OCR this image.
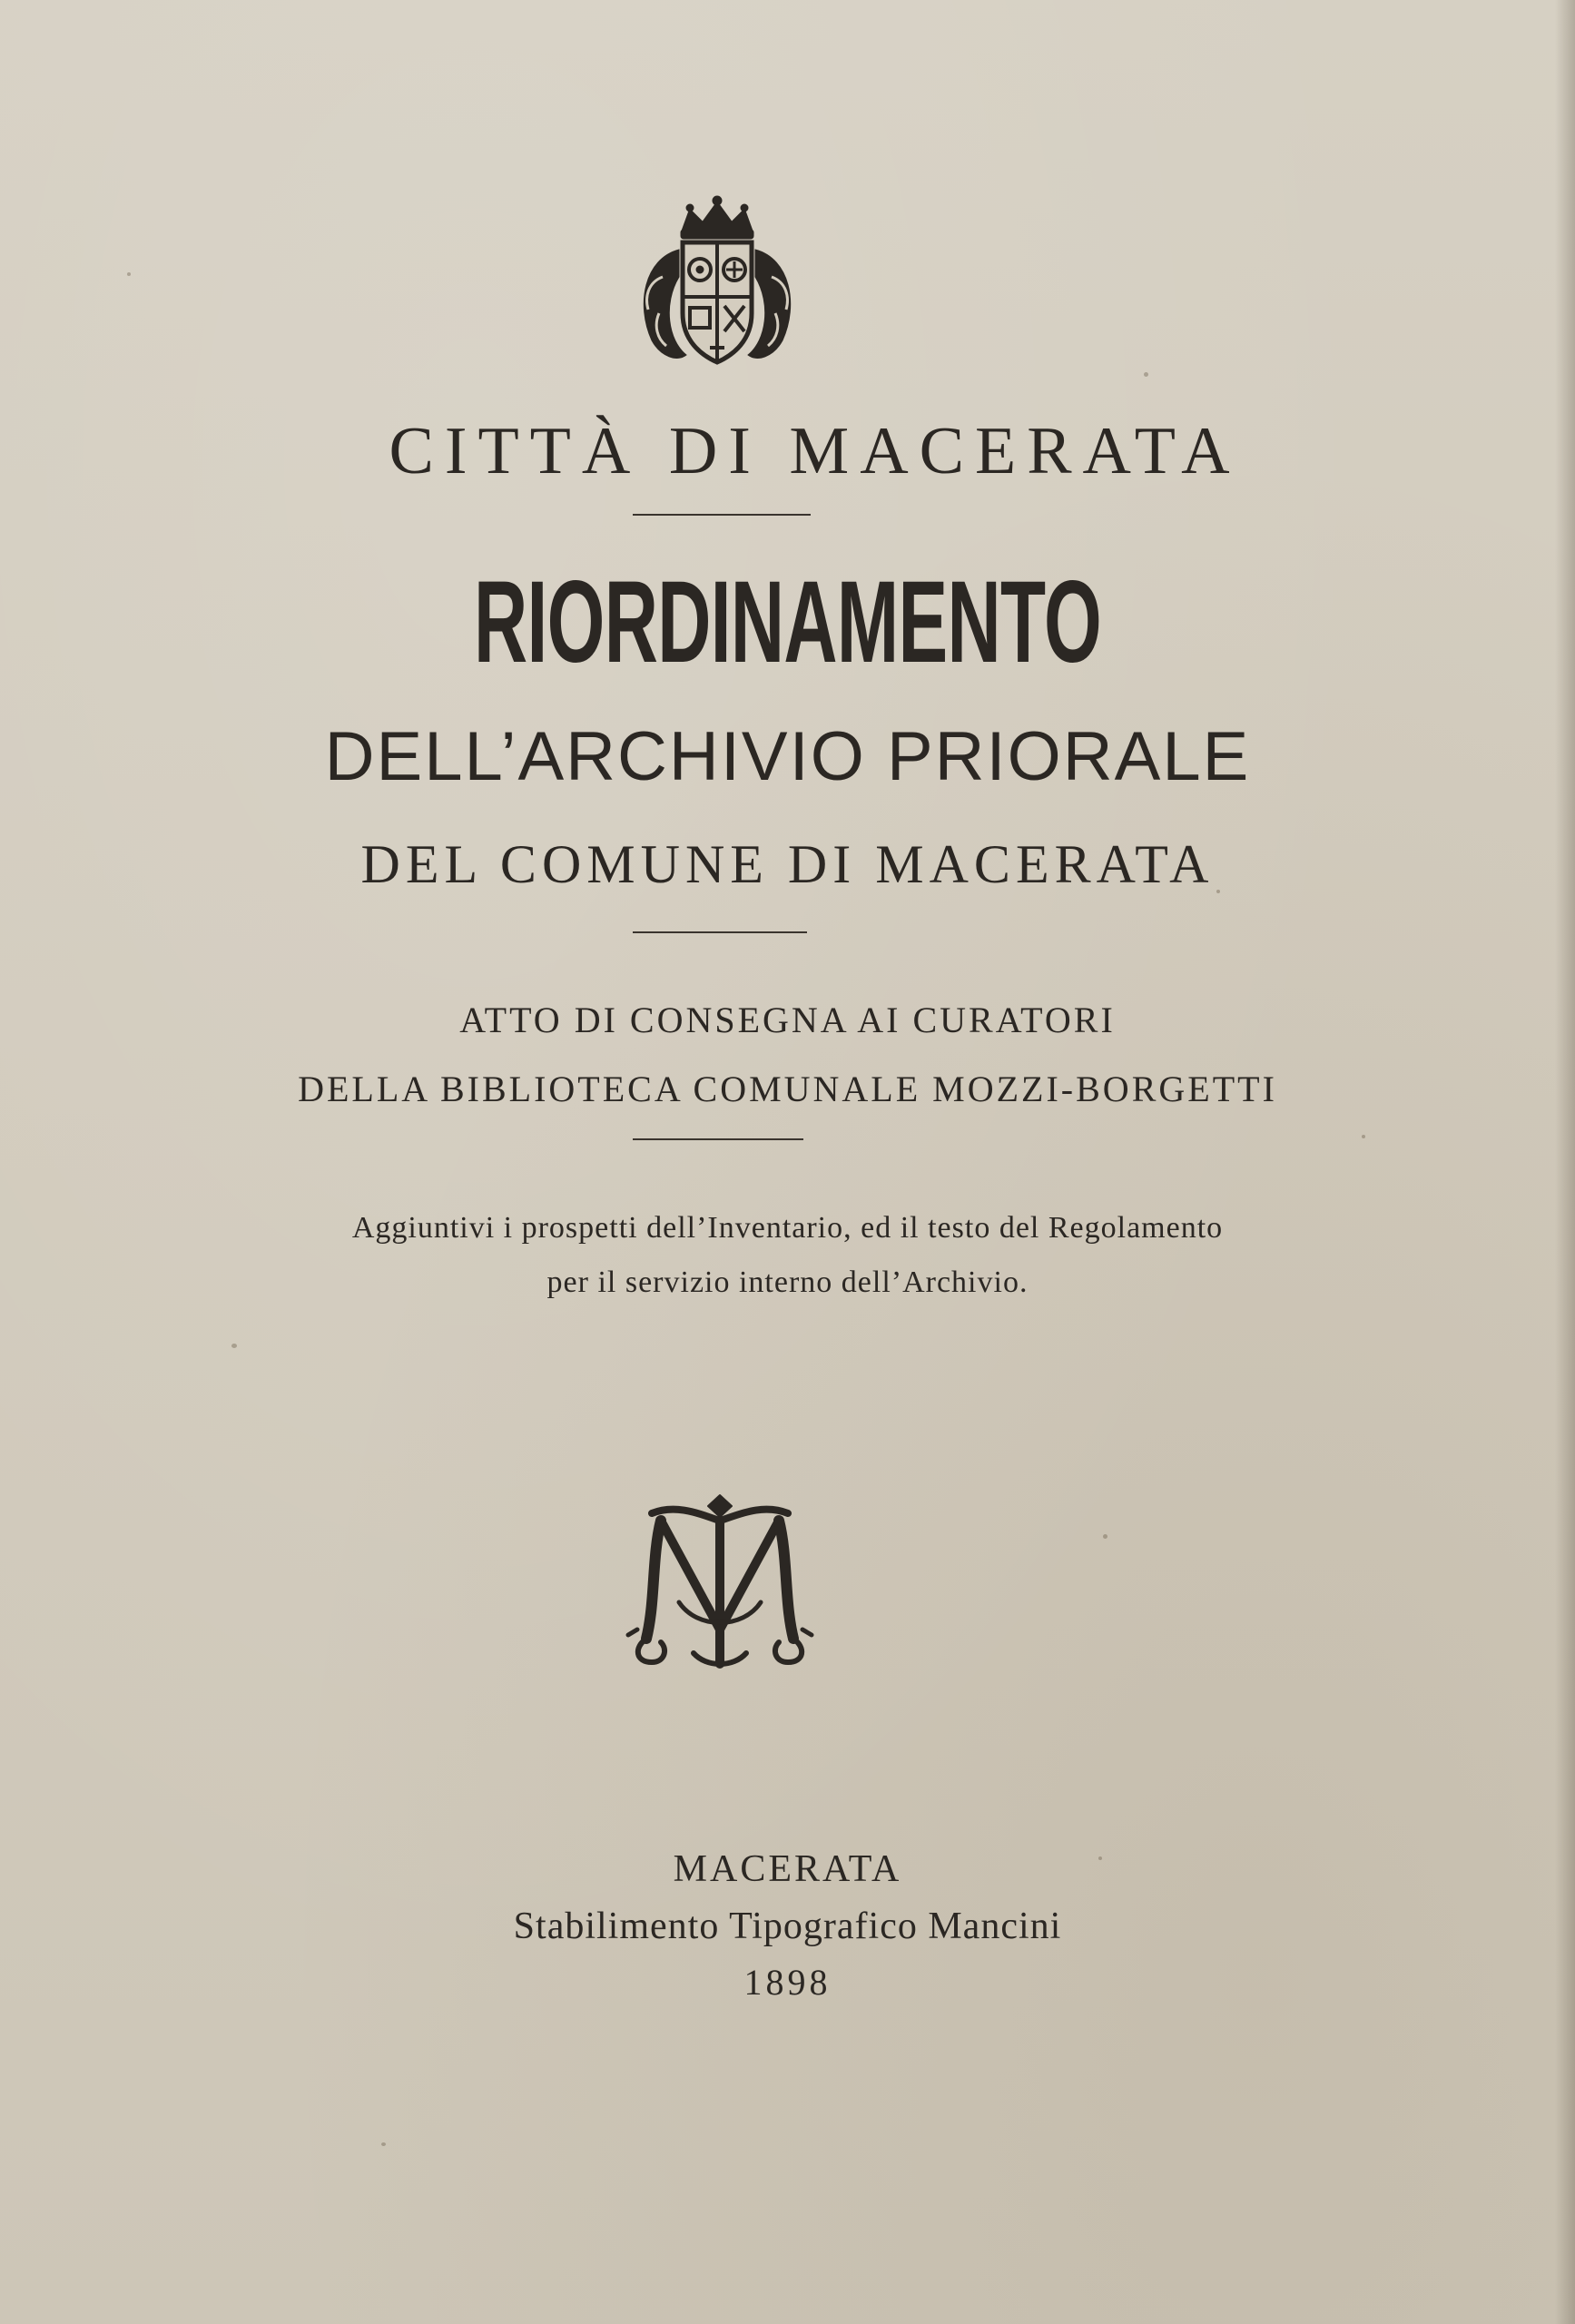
CITTÀ DI MACERATA
RIORDINAMENTO
DELL’ARCHIVIO PRIORALE
DEL COMUNE DI MACERATA
ATTO DI CONSEGNA AI CURATORI
DELLA BIBLIOTECA COMUNALE MOZZI-BORGETTI
Aggiuntivi i prospetti dell’Inventario, ed il testo del Regolamento
per il servizio interno dell’Archivio.
MACERATA
Stabilimento Tipografico Mancini
1898
